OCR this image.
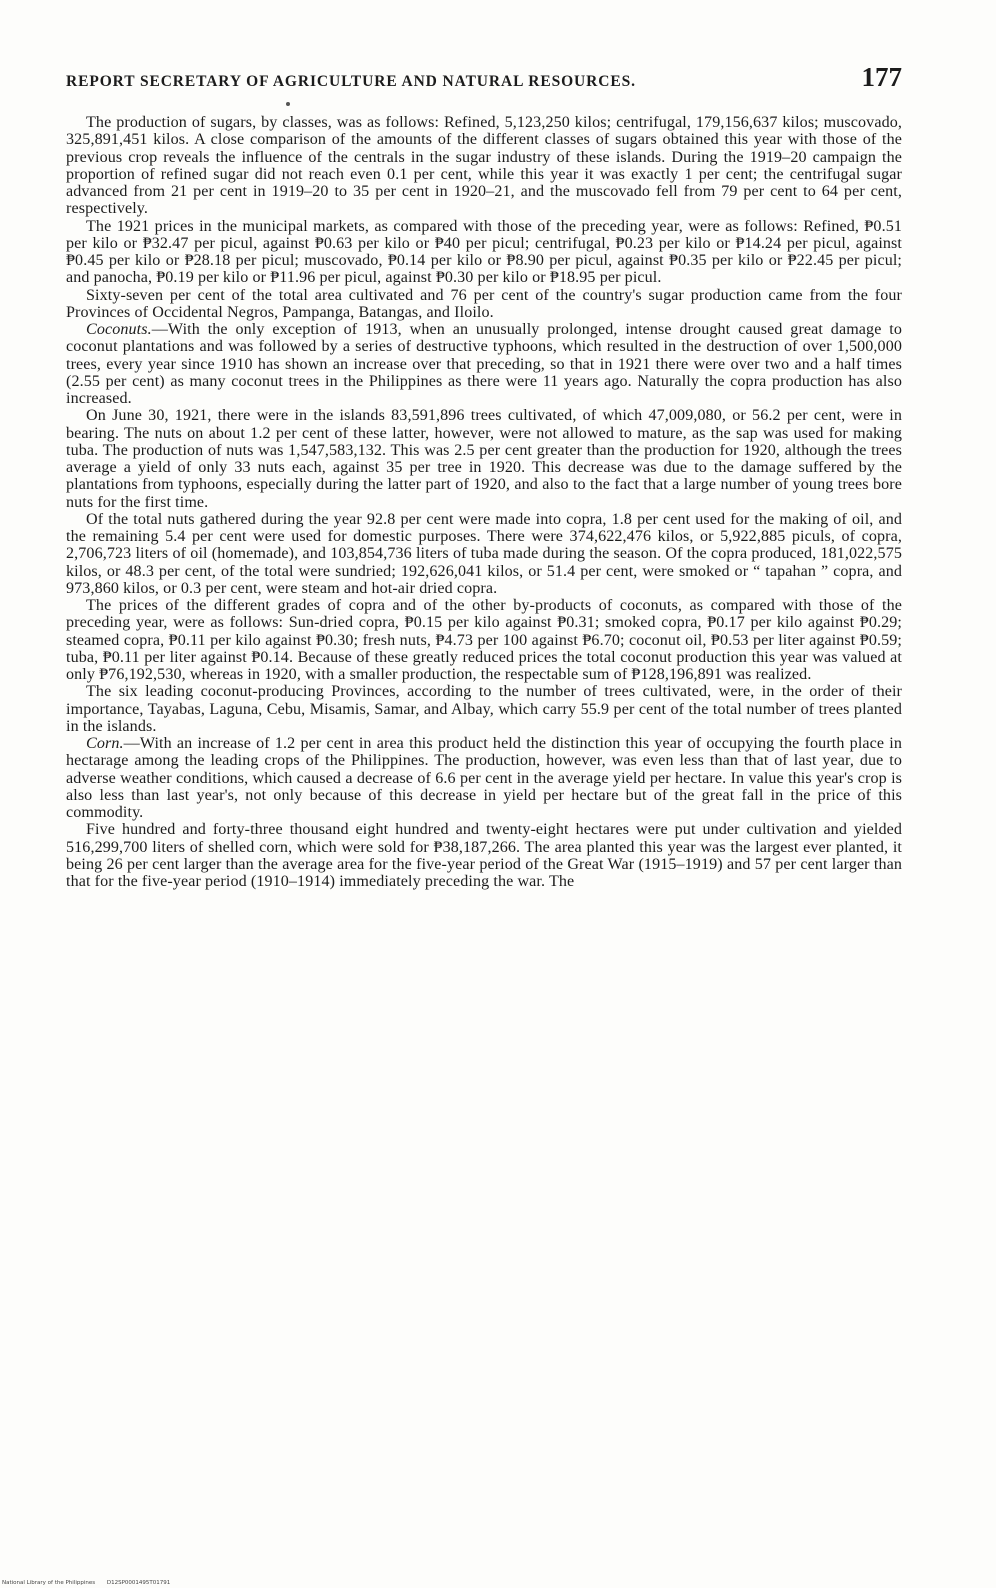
REPORT SECRETARY OF AGRICULTURE AND NATURAL RESOURCES.	177

The production of sugars, by classes, was as follows: Refined, 5,123,250 kilos; centrifugal, 179,156,637 kilos; muscovado, 325,891,451 kilos. A close comparison of the amounts of the different classes of sugars obtained this year with those of the previous crop reveals the influence of the centrals in the sugar industry of these islands. During the 1919–20 campaign the proportion of refined sugar did not reach even 0.1 per cent, while this year it was exactly 1 per cent; the centrifugal sugar advanced from 21 per cent in 1919–20 to 35 per cent in 1920–21, and the muscovado fell from 79 per cent to 64 per cent, respectively.

The 1921 prices in the municipal markets, as compared with those of the preceding year, were as follows: Refined, ₱0.51 per kilo or ₱32.47 per picul, against ₱0.63 per kilo or ₱40 per picul; centrifugal, ₱0.23 per kilo or ₱14.24 per picul, against ₱0.45 per kilo or ₱28.18 per picul; muscovado, ₱0.14 per kilo or ₱8.90 per picul, against ₱0.35 per kilo or ₱22.45 per picul; and panocha, ₱0.19 per kilo or ₱11.96 per picul, against ₱0.30 per kilo or ₱18.95 per picul.

Sixty-seven per cent of the total area cultivated and 76 per cent of the country's sugar production came from the four Provinces of Occidental Negros, Pampanga, Batangas, and Iloilo.

Coconuts.—With the only exception of 1913, when an unusually prolonged, intense drought caused great damage to coconut plantations and was followed by a series of destructive typhoons, which resulted in the destruction of over 1,500,000 trees, every year since 1910 has shown an increase over that preceding, so that in 1921 there were over two and a half times (2.55 per cent) as many coconut trees in the Philippines as there were 11 years ago. Naturally the copra production has also increased.

On June 30, 1921, there were in the islands 83,591,896 trees cultivated, of which 47,009,080, or 56.2 per cent, were in bearing. The nuts on about 1.2 per cent of these latter, however, were not allowed to mature, as the sap was used for making tuba. The production of nuts was 1,547,583,132. This was 2.5 per cent greater than the production for 1920, although the trees average a yield of only 33 nuts each, against 35 per tree in 1920. This decrease was due to the damage suffered by the plantations from typhoons, especially during the latter part of 1920, and also to the fact that a large number of young trees bore nuts for the first time.

Of the total nuts gathered during the year 92.8 per cent were made into copra, 1.8 per cent used for the making of oil, and the remaining 5.4 per cent were used for domestic purposes. There were 374,622,476 kilos, or 5,922,885 piculs, of copra, 2,706,723 liters of oil (homemade), and 103,854,736 liters of tuba made during the season. Of the copra produced, 181,022,575 kilos, or 48.3 per cent, of the total were sundried; 192,626,041 kilos, or 51.4 per cent, were smoked or “ tapahan ” copra, and 973,860 kilos, or 0.3 per cent, were steam and hot-air dried copra.

The prices of the different grades of copra and of the other by-products of coconuts, as compared with those of the preceding year, were as follows: Sun-dried copra, ₱0.15 per kilo against ₱0.31; smoked copra, ₱0.17 per kilo against ₱0.29; steamed copra, ₱0.11 per kilo against ₱0.30; fresh nuts, ₱4.73 per 100 against ₱6.70; coconut oil, ₱0.53 per liter against ₱0.59; tuba, ₱0.11 per liter against ₱0.14. Because of these greatly reduced prices the total coconut production this year was valued at only ₱76,192,530, whereas in 1920, with a smaller production, the respectable sum of ₱128,196,891 was realized.

The six leading coconut-producing Provinces, according to the number of trees cultivated, were, in the order of their importance, Tayabas, Laguna, Cebu, Misamis, Samar, and Albay, which carry 55.9 per cent of the total number of trees planted in the islands.

Corn.—With an increase of 1.2 per cent in area this product held the distinction this year of occupying the fourth place in hectarage among the leading crops of the Philippines. The production, however, was even less than that of last year, due to adverse weather conditions, which caused a decrease of 6.6 per cent in the average yield per hectare. In value this year's crop is also less than last year's, not only because of this decrease in yield per hectare but of the great fall in the price of this commodity.

Five hundred and forty-three thousand eight hundred and twenty-eight hectares were put under cultivation and yielded 516,299,700 liters of shelled corn, which were sold for ₱38,187,266. The area planted this year was the largest ever planted, it being 26 per cent larger than the average area for the five-year period of the Great War (1915–1919) and 57 per cent larger than that for the five-year period (1910–1914) immediately preceding the war. The

National Library of the Philippines D12SP0001495T01791
